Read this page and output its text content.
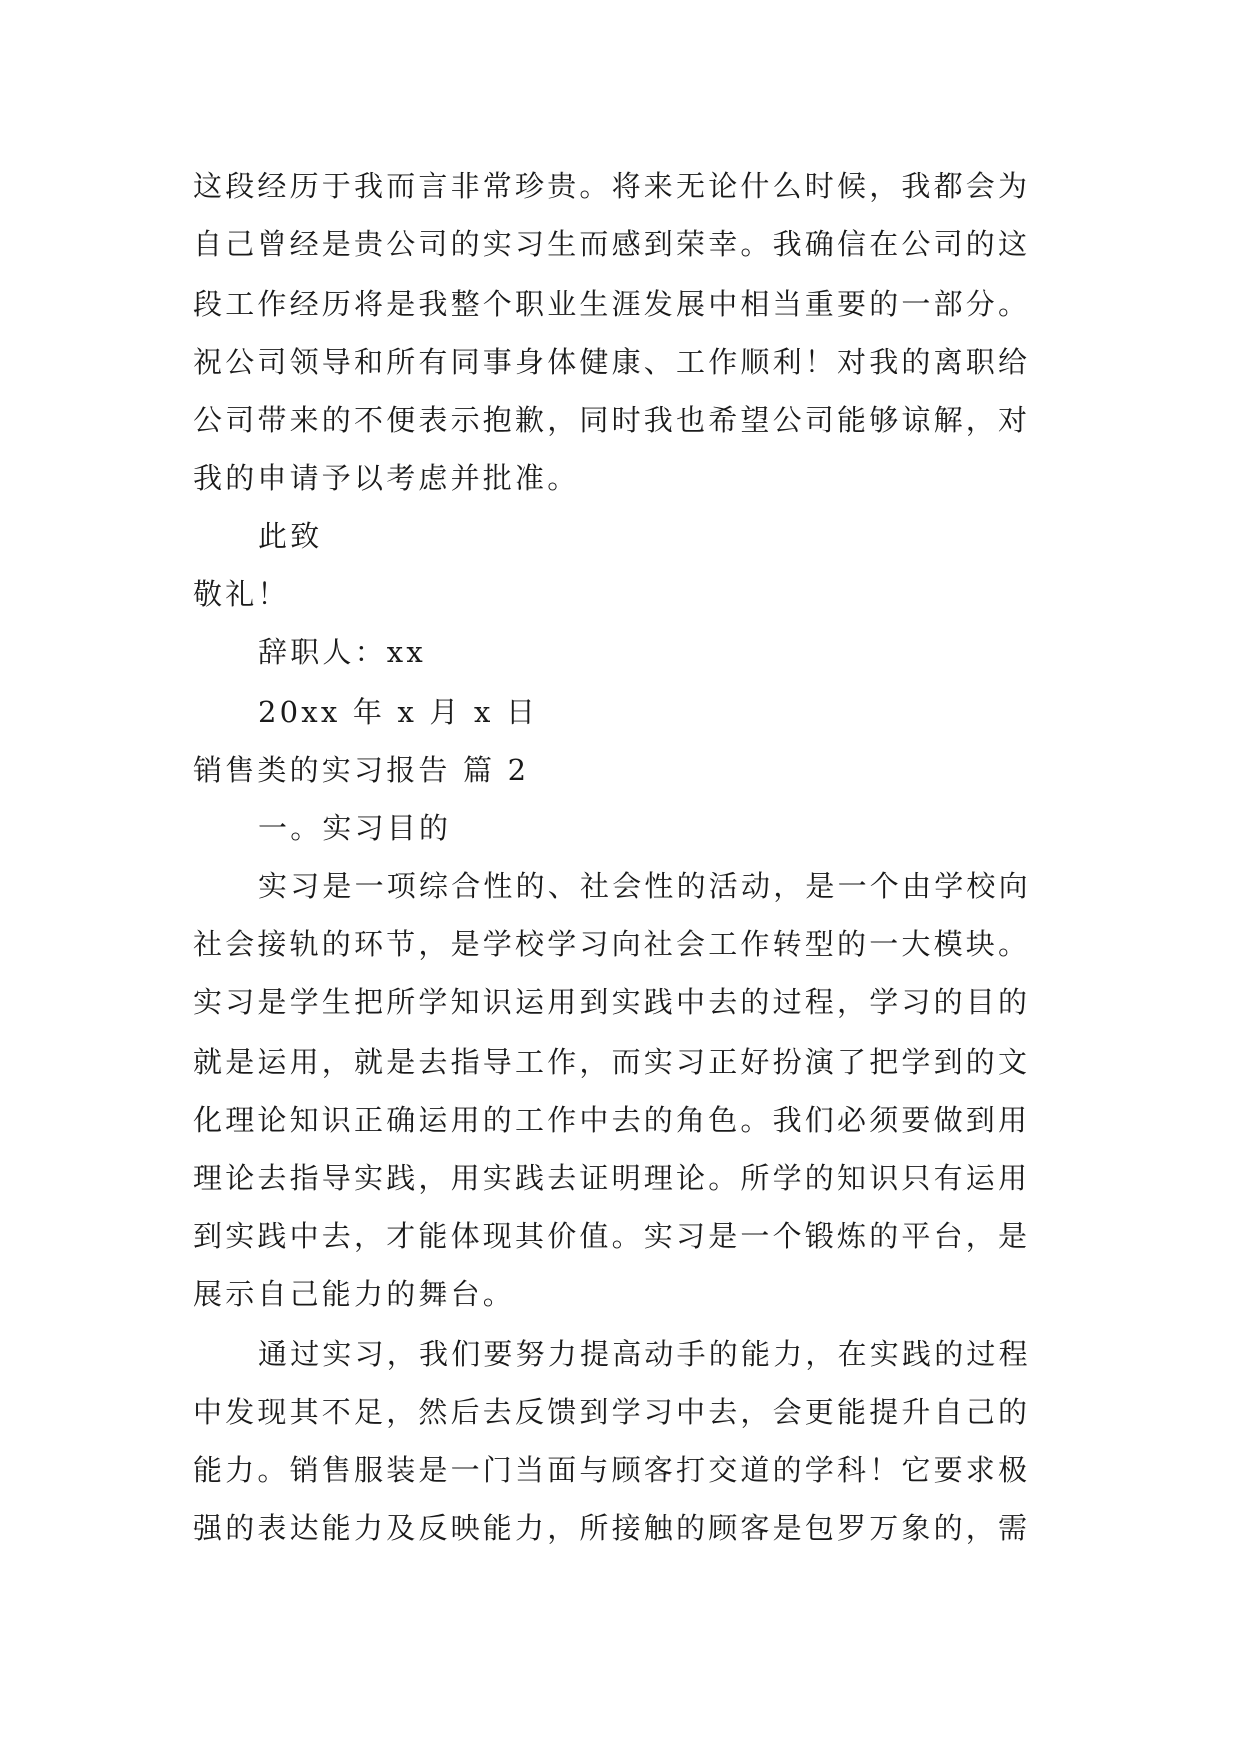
这段经历于我而言非常珍贵。将来无论什么时候，我都会为
自己曾经是贵公司的实习生而感到荣幸。我确信在公司的这
段工作经历将是我整个职业生涯发展中相当重要的一部分。
祝公司领导和所有同事身体健康、工作顺利！对我的离职给
公司带来的不便表示抱歉，同时我也希望公司能够谅解，对
我的申请予以考虑并批准。
此致
敬礼！
辞职人：xx
20xx 年 x 月 x 日
销售类的实习报告 篇 2
一。实习目的
实习是一项综合性的、社会性的活动，是一个由学校向
社会接轨的环节，是学校学习向社会工作转型的一大模块。
实习是学生把所学知识运用到实践中去的过程，学习的目的
就是运用，就是去指导工作，而实习正好扮演了把学到的文
化理论知识正确运用的工作中去的角色。我们必须要做到用
理论去指导实践，用实践去证明理论。所学的知识只有运用
到实践中去，才能体现其价值。实习是一个锻炼的平台，是
展示自己能力的舞台。
通过实习，我们要努力提高动手的能力，在实践的过程
中发现其不足，然后去反馈到学习中去，会更能提升自己的
能力。销售服装是一门当面与顾客打交道的学科！它要求极
强的表达能力及反映能力，所接触的顾客是包罗万象的，需
